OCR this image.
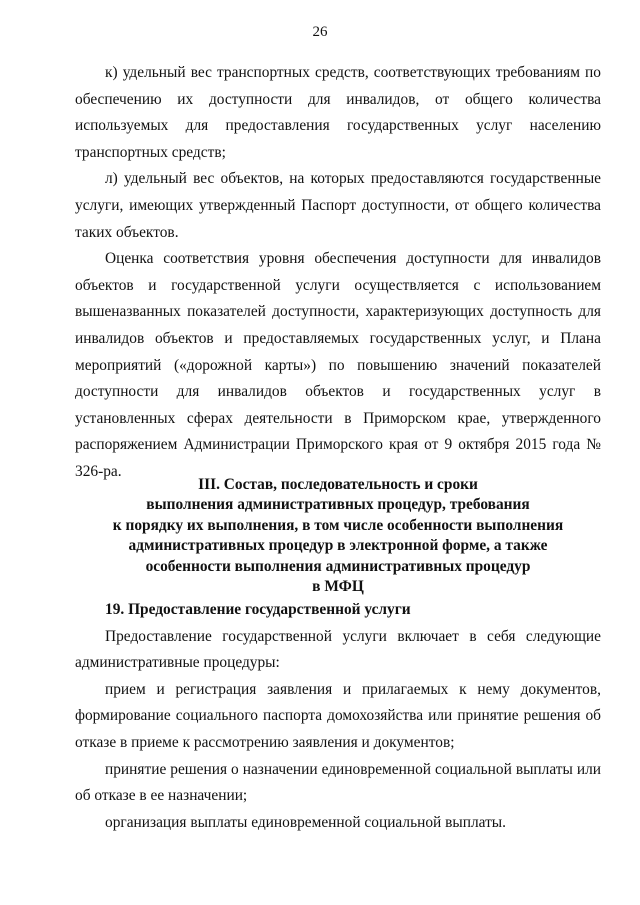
26

к) удельный вес транспортных средств, соответствующих требованиям по обеспечению их доступности для инвалидов, от общего количества используемых для предоставления государственных услуг населению транспортных средств;

л) удельный вес объектов, на которых предоставляются государственные услуги, имеющих утвержденный Паспорт доступности, от общего количества таких объектов.

Оценка соответствия уровня обеспечения доступности для инвалидов объектов и государственной услуги осуществляется с использованием вышеназванных показателей доступности, характеризующих доступность для инвалидов объектов и предоставляемых государственных услуг, и Плана мероприятий («дорожной карты») по повышению значений показателей доступности для инвалидов объектов и государственных услуг в установленных сферах деятельности в Приморском крае, утвержденного распоряжением Администрации Приморского края от 9 октября 2015 года № 326-ра.

III. Состав, последовательность и сроки
выполнения административных процедур, требования
к порядку их выполнения, в том числе особенности выполнения
административных процедур в электронной форме, а также
особенности выполнения административных процедур
в МФЦ

19. Предоставление государственной услуги

Предоставление государственной услуги включает в себя следующие административные процедуры:

прием и регистрация заявления и прилагаемых к нему документов, формирование социального паспорта домохозяйства или принятие решения об отказе в приеме к рассмотрению заявления и документов;

принятие решения о назначении единовременной социальной выплаты или об отказе в ее назначении;

организация выплаты единовременной социальной выплаты.
